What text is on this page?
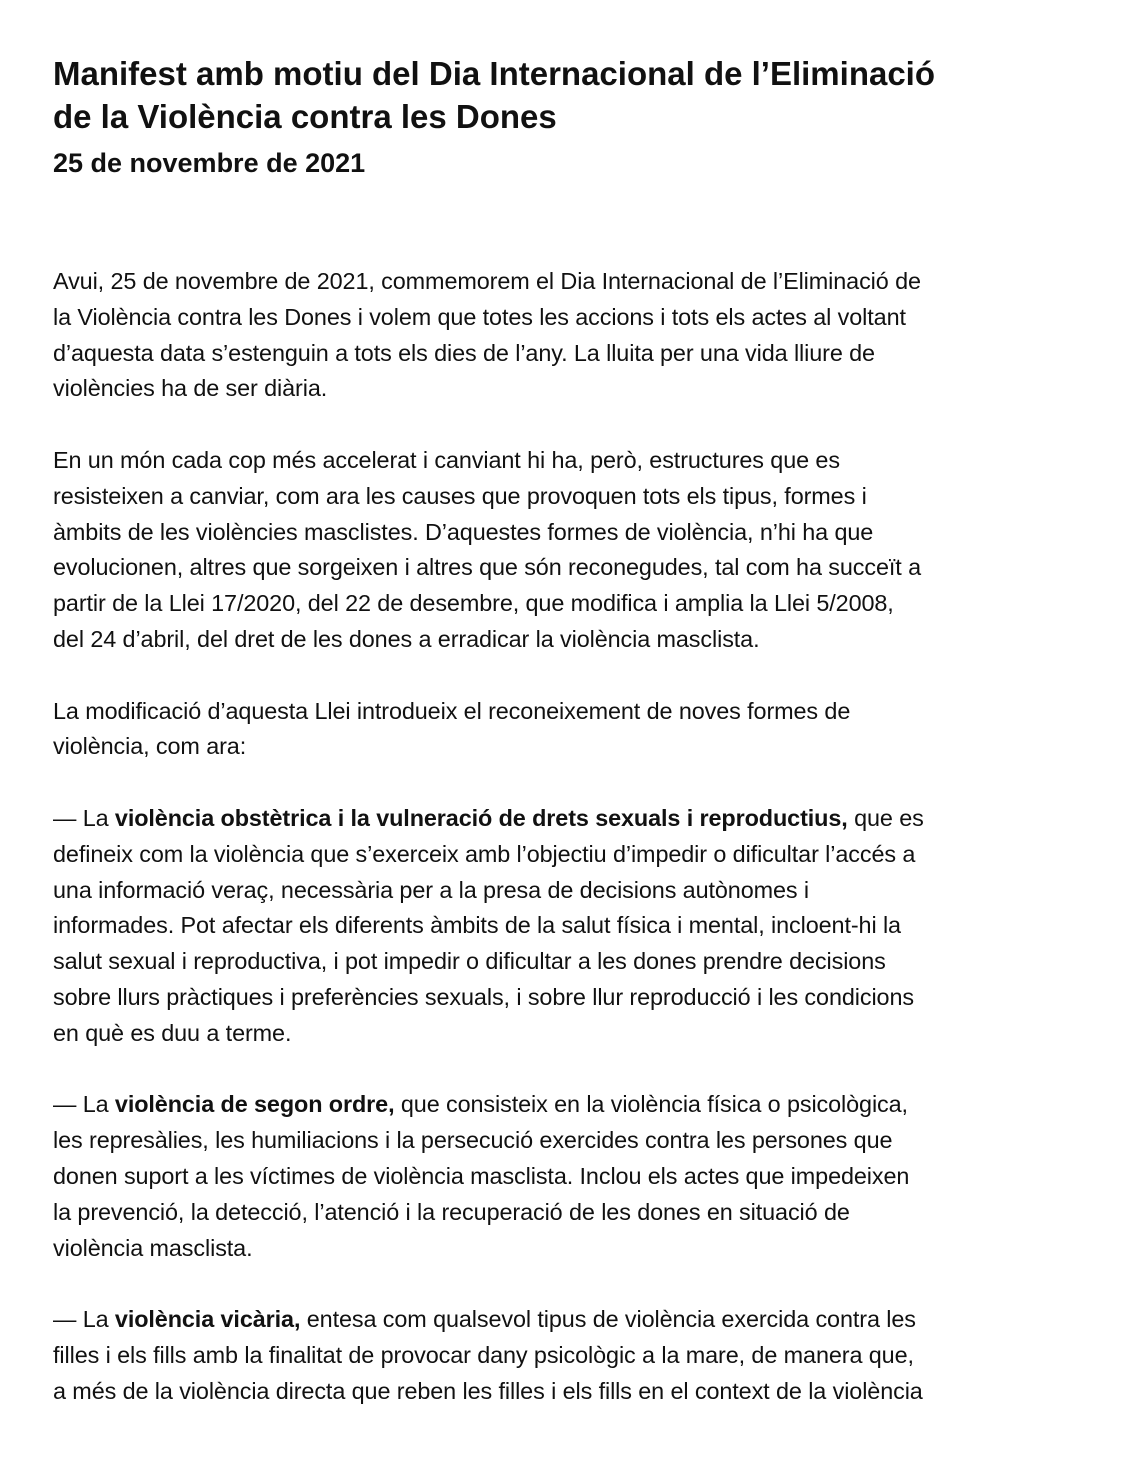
Manifest amb motiu del Dia Internacional de l’Eliminació
de la Violència contra les Dones
25 de novembre de 2021

Avui, 25 de novembre de 2021, commemorem el Dia Internacional de l’Eliminació de
la Violència contra les Dones i volem que totes les accions i tots els actes al voltant
d’aquesta data s’estenguin a tots els dies de l’any. La lluita per una vida lliure de
violències ha de ser diària.

En un món cada cop més accelerat i canviant hi ha, però, estructures que es
resisteixen a canviar, com ara les causes que provoquen tots els tipus, formes i
àmbits de les violències masclistes. D’aquestes formes de violència, n’hi ha que
evolucionen, altres que sorgeixen i altres que són reconegudes, tal com ha succeït a
partir de la Llei 17/2020, del 22 de desembre, que modifica i amplia la Llei 5/2008,
del 24 d’abril, del dret de les dones a erradicar la violència masclista.

La modificació d’aquesta Llei introdueix el reconeixement de noves formes de
violència, com ara:

— La violència obstètrica i la vulneració de drets sexuals i reproductius, que es
defineix com la violència que s’exerceix amb l’objectiu d’impedir o dificultar l’accés a
una informació veraç, necessària per a la presa de decisions autònomes i
informades. Pot afectar els diferents àmbits de la salut física i mental, incloent-hi la
salut sexual i reproductiva, i pot impedir o dificultar a les dones prendre decisions
sobre llurs pràctiques i preferències sexuals, i sobre llur reproducció i les condicions
en què es duu a terme.

— La violència de segon ordre, que consisteix en la violència física o psicològica,
les represàlies, les humiliacions i la persecució exercides contra les persones que
donen suport a les víctimes de violència masclista. Inclou els actes que impedeixen
la prevenció, la detecció, l’atenció i la recuperació de les dones en situació de
violència masclista.

— La violència vicària, entesa com qualsevol tipus de violència exercida contra les
filles i els fills amb la finalitat de provocar dany psicològic a la mare, de manera que,
a més de la violència directa que reben les filles i els fills en el context de la violència
